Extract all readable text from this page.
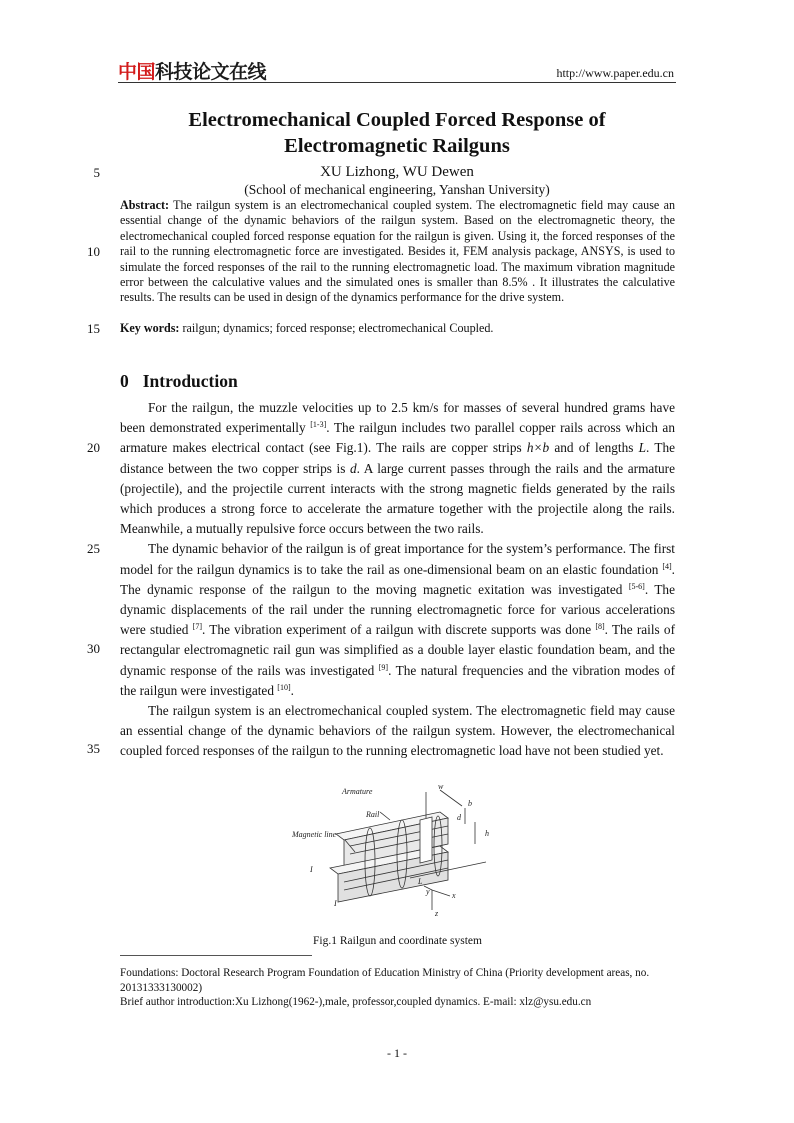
中国科技论文在线	http://www.paper.edu.cn
Electromechanical Coupled Forced Response of
Electromagnetic Railguns
XU Lizhong, WU Dewen
(School of mechanical engineering, Yanshan University)
5
10
15
20
25
30
35
Abstract: The railgun system is an electromechanical coupled system. The electromagnetic field may cause an essential change of the dynamic behaviors of the railgun system. Based on the electromagnetic theory, the electromechanical coupled forced response equation for the railgun is given. Using it, the forced responses of the rail to the running electromagnetic force are investigated. Besides it, FEM analysis package, ANSYS, is used to simulate the forced responses of the rail to the running electromagnetic load. The maximum vibration magnitude error between the calculative values and the simulated ones is smaller than 8.5% . It illustrates the calculative results. The results can be used in design of the dynamics performance for the drive system.
Key words: railgun; dynamics; forced response; electromechanical Coupled.
0 Introduction

For the railgun, the muzzle velocities up to 2.5 km/s for masses of several hundred grams have been demonstrated experimentally [1-3]. The railgun includes two parallel copper rails across which an armature makes electrical contact (see Fig.1). The rails are copper strips h×b and of lengths L. The distance between the two copper strips is d. A large current passes through the rails and the armature (projectile), and the projectile current interacts with the strong magnetic fields generated by the rails which produces a strong force to accelerate the armature together with the projectile along the rails. Meanwhile, a mutually repulsive force occurs between the two rails.

The dynamic behavior of the railgun is of great importance for the system’s performance. The first model for the railgun dynamics is to take the rail as one-dimensional beam on an elastic foundation [4]. The dynamic response of the railgun to the moving magnetic exitation was investigated [5-6]. The dynamic displacements of the rail under the running electromagnetic force for various accelerations were studied [7]. The vibration experiment of a railgun with discrete supports was done [8]. The rails of rectangular electromagnetic rail gun was simplified as a double layer elastic foundation beam, and the dynamic response of the rails was investigated [9]. The natural frequencies and the vibration modes of the railgun were investigated [10].

The railgun system is an electromechanical coupled system. The electromagnetic field may cause an essential change of the dynamic behaviors of the railgun system. However, the electromechanical coupled forced responses of the railgun to the running electromagnetic load have not been studied yet.

Armature
Rail
Magnetic line
w
b
d
h
I
I
L
x
y
z
Fig.1 Railgun and coordinate system
Foundations: Doctoral Research Program Foundation of Education Ministry of China (Priority development areas, no. 20131333130002)
Brief author introduction:Xu Lizhong(1962-),male, professor,coupled dynamics. E-mail: xlz@ysu.edu.cn
- 1 -
